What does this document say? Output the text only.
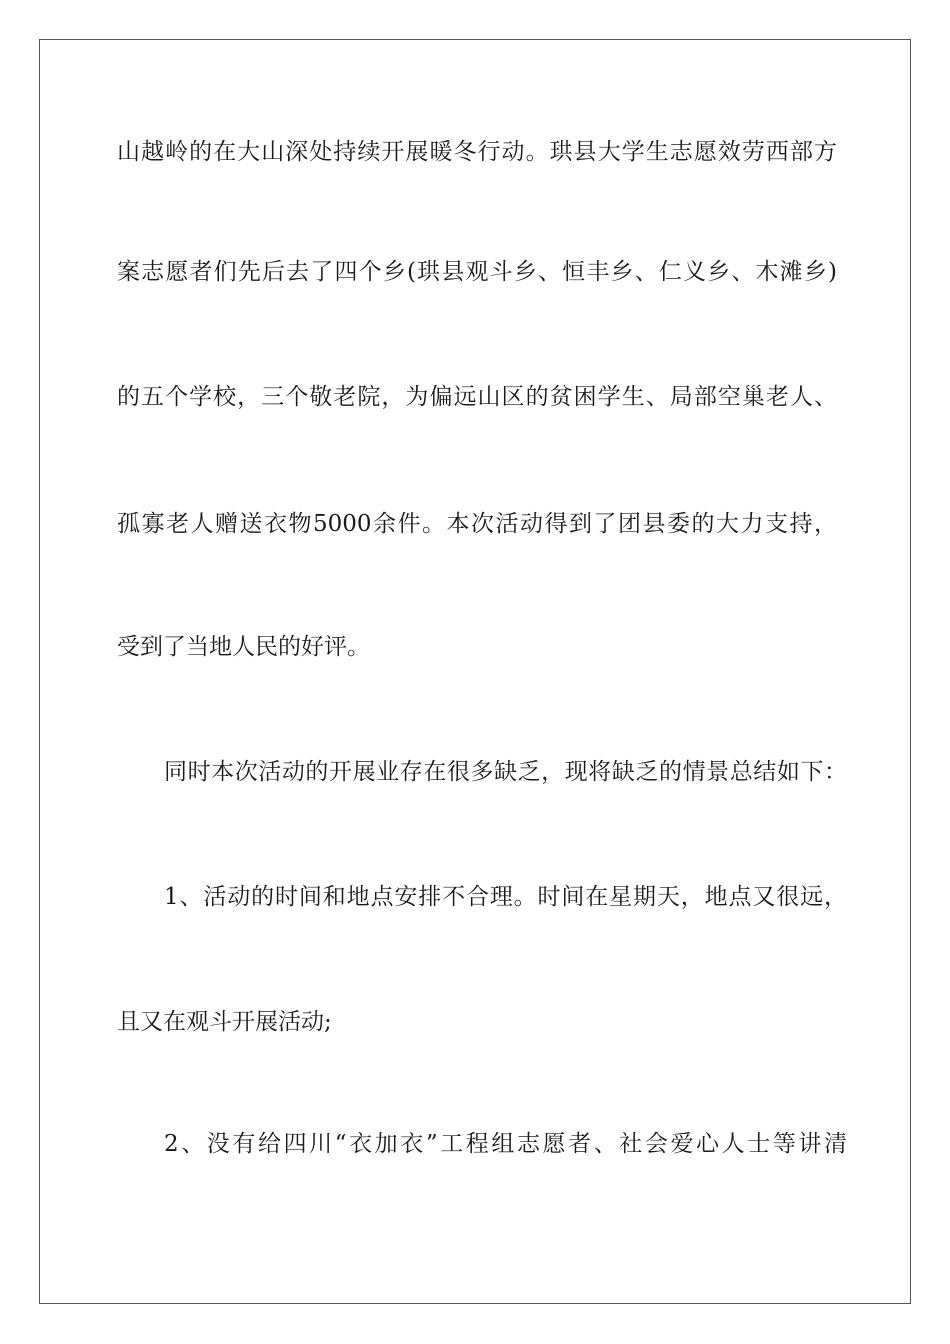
山越岭的在大山深处持续开展暖冬行动。珙县大学生志愿效劳西部方
案志愿者们先后去了四个乡(珙县观斗乡、恒丰乡、仁义乡、木滩乡)
的五个学校，三个敬老院，为偏远山区的贫困学生、局部空巢老人、
孤寡老人赠送衣物5000余件。本次活动得到了团县委的大力支持，
受到了当地人民的好评。
同时本次活动的开展业存在很多缺乏，现将缺乏的情景总结如下：
1、活动的时间和地点安排不合理。时间在星期天，地点又很远，
且又在观斗开展活动;
2、没有给四川“衣加衣”工程组志愿者、社会爱心人士等讲清
